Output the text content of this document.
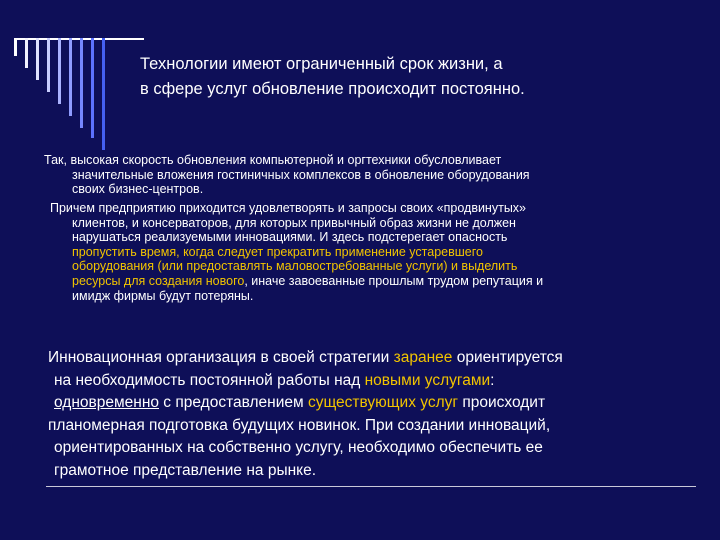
Технологии имеют ограниченный срок жизни, а
в сфере услуг обновление происходит постоянно.
Так, высокая скорость обновления компьютерной и оргтехники обусловливает
значительные вложения гостиничных комплексов в обновление оборудования
своих бизнес-центров.
Причем предприятию приходится удовлетворять и запросы своих «продвинутых»
клиентов, и консерваторов, для которых привычный образ жизни не должен
нарушаться реализуемыми инновациями. И здесь подстерегает опасность
пропустить время, когда следует прекратить применение устаревшего
оборудования (или предоставлять маловостребованные услуги) и выделить
ресурсы для создания нового, иначе завоеванные прошлым трудом репутация и
имидж фирмы будут потеряны.
Инновационная организация в своей стратегии заранее ориентируется
на необходимость постоянной работы над новыми услугами:
одновременно с предоставлением существующих услуг происходит
планомерная подготовка будущих новинок. При создании инноваций,
ориентированных на собственно услугу, необходимо обеспечить ее
грамотное представление на рынке.
